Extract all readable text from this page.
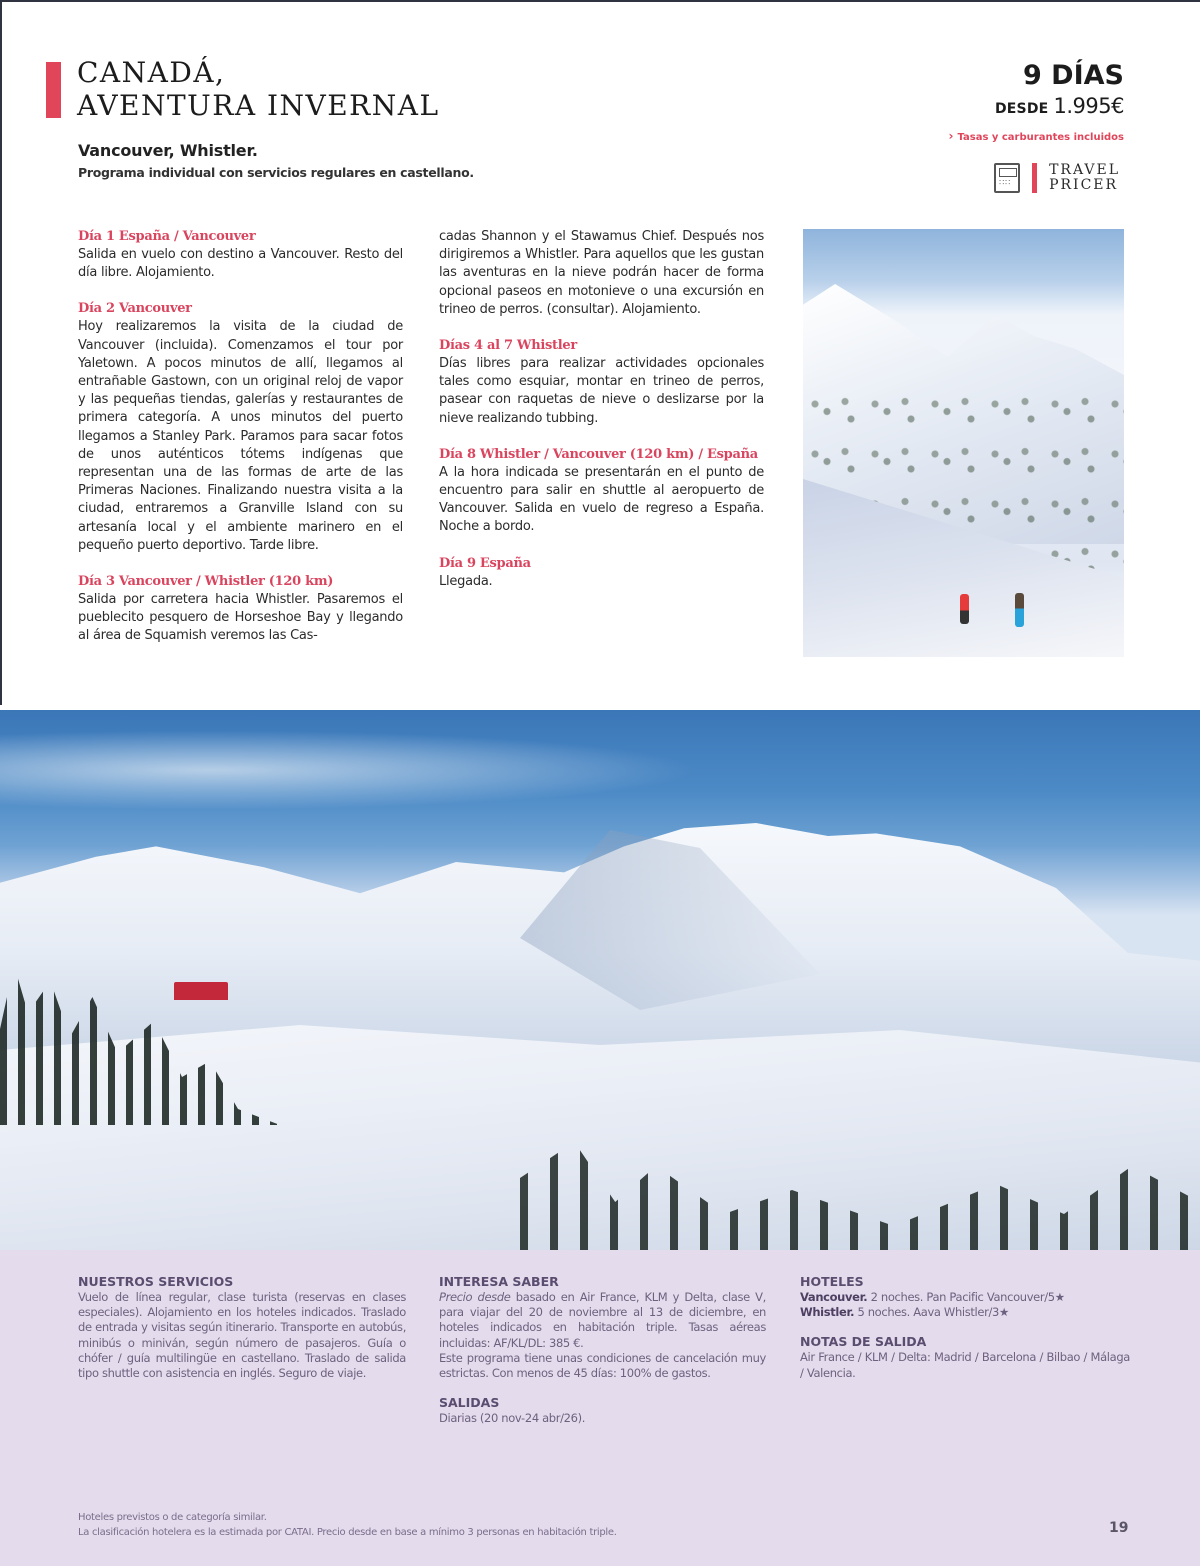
CANADÁ,
AVENTURA INVERNAL
Vancouver, Whistler.
Programa individual con servicios regulares en castellano.
9 DÍAS
DESDE 1.995€
› Tasas y carburantes incluidos
∷∷
TRAVEL
PRICER
Día 1 España / Vancouver
Salida en vuelo con destino a Vancouver. Resto del día libre. Alojamiento.
Día 2 Vancouver
Hoy realizaremos la visita de la ciudad de Vancouver (incluida). Comenzamos el tour por Yaletown. A pocos minutos de allí, llegamos al entrañable Gastown, con un original reloj de vapor y las pequeñas tiendas, galerías y restaurantes de primera categoría. A unos minutos del puerto llegamos a Stanley Park. Paramos para sacar fotos de unos auténticos tótems indígenas que representan una de las formas de arte de las Primeras Naciones. Finalizando nuestra visita a la ciudad, entraremos a Granville Island con su artesanía local y el ambiente marinero en el pequeño puerto deportivo. Tarde libre.
Día 3 Vancouver / Whistler (120 km)
Salida por carretera hacia Whistler. Pasaremos el pueblecito pesquero de Horseshoe Bay y llegando al área de Squamish veremos las Cas-
cadas Shannon y el Stawamus Chief. Después nos dirigiremos a Whistler. Para aquellos que les gustan las aventuras en la nieve podrán hacer de forma opcional paseos en motonieve o una excursión en trineo de perros. (consultar). Alojamiento.
Días 4 al 7 Whistler
Días libres para realizar actividades opcionales tales como esquiar, montar en trineo de perros, pasear con raquetas de nieve o deslizarse por la nieve realizando tubbing.
Día 8 Whistler / Vancouver (120 km) / España
A la hora indicada se presentarán en el punto de encuentro para salir en shuttle al aeropuerto de Vancouver. Salida en vuelo de regreso a España. Noche a bordo.
Día 9 España
Llegada.
NUESTROS SERVICIOS
Vuelo de línea regular, clase turista (reservas en clases especiales). Alojamiento en los hoteles indicados. Traslado de entrada y visitas según itinerario. Transporte en autobús, minibús o miniván, según número de pasajeros. Guía o chófer / guía multilingüe en castellano. Traslado de salida tipo shuttle con asistencia en inglés. Seguro de viaje.
INTERESA SABER
Precio desde basado en Air France, KLM y Delta, clase V, para viajar del 20 de noviembre al 13 de diciembre, en hoteles indicados en habitación triple. Tasas aéreas incluidas: AF/KL/DL: 385 €.
Este programa tiene unas condiciones de cancelación muy estrictas. Con menos de 45 días: 100% de gastos.
SALIDAS
Diarias (20 nov-24 abr/26).
HOTELES
Vancouver. 2 noches. Pan Pacific Vancouver/5★
Whistler. 5 noches. Aava Whistler/3★
NOTAS DE SALIDA
Air France / KLM / Delta: Madrid / Barcelona / Bilbao / Málaga / Valencia.
Hoteles previstos o de categoría similar.
La clasificación hotelera es la estimada por CATAI. Precio desde en base a mínimo 3 personas en habitación triple.	19
